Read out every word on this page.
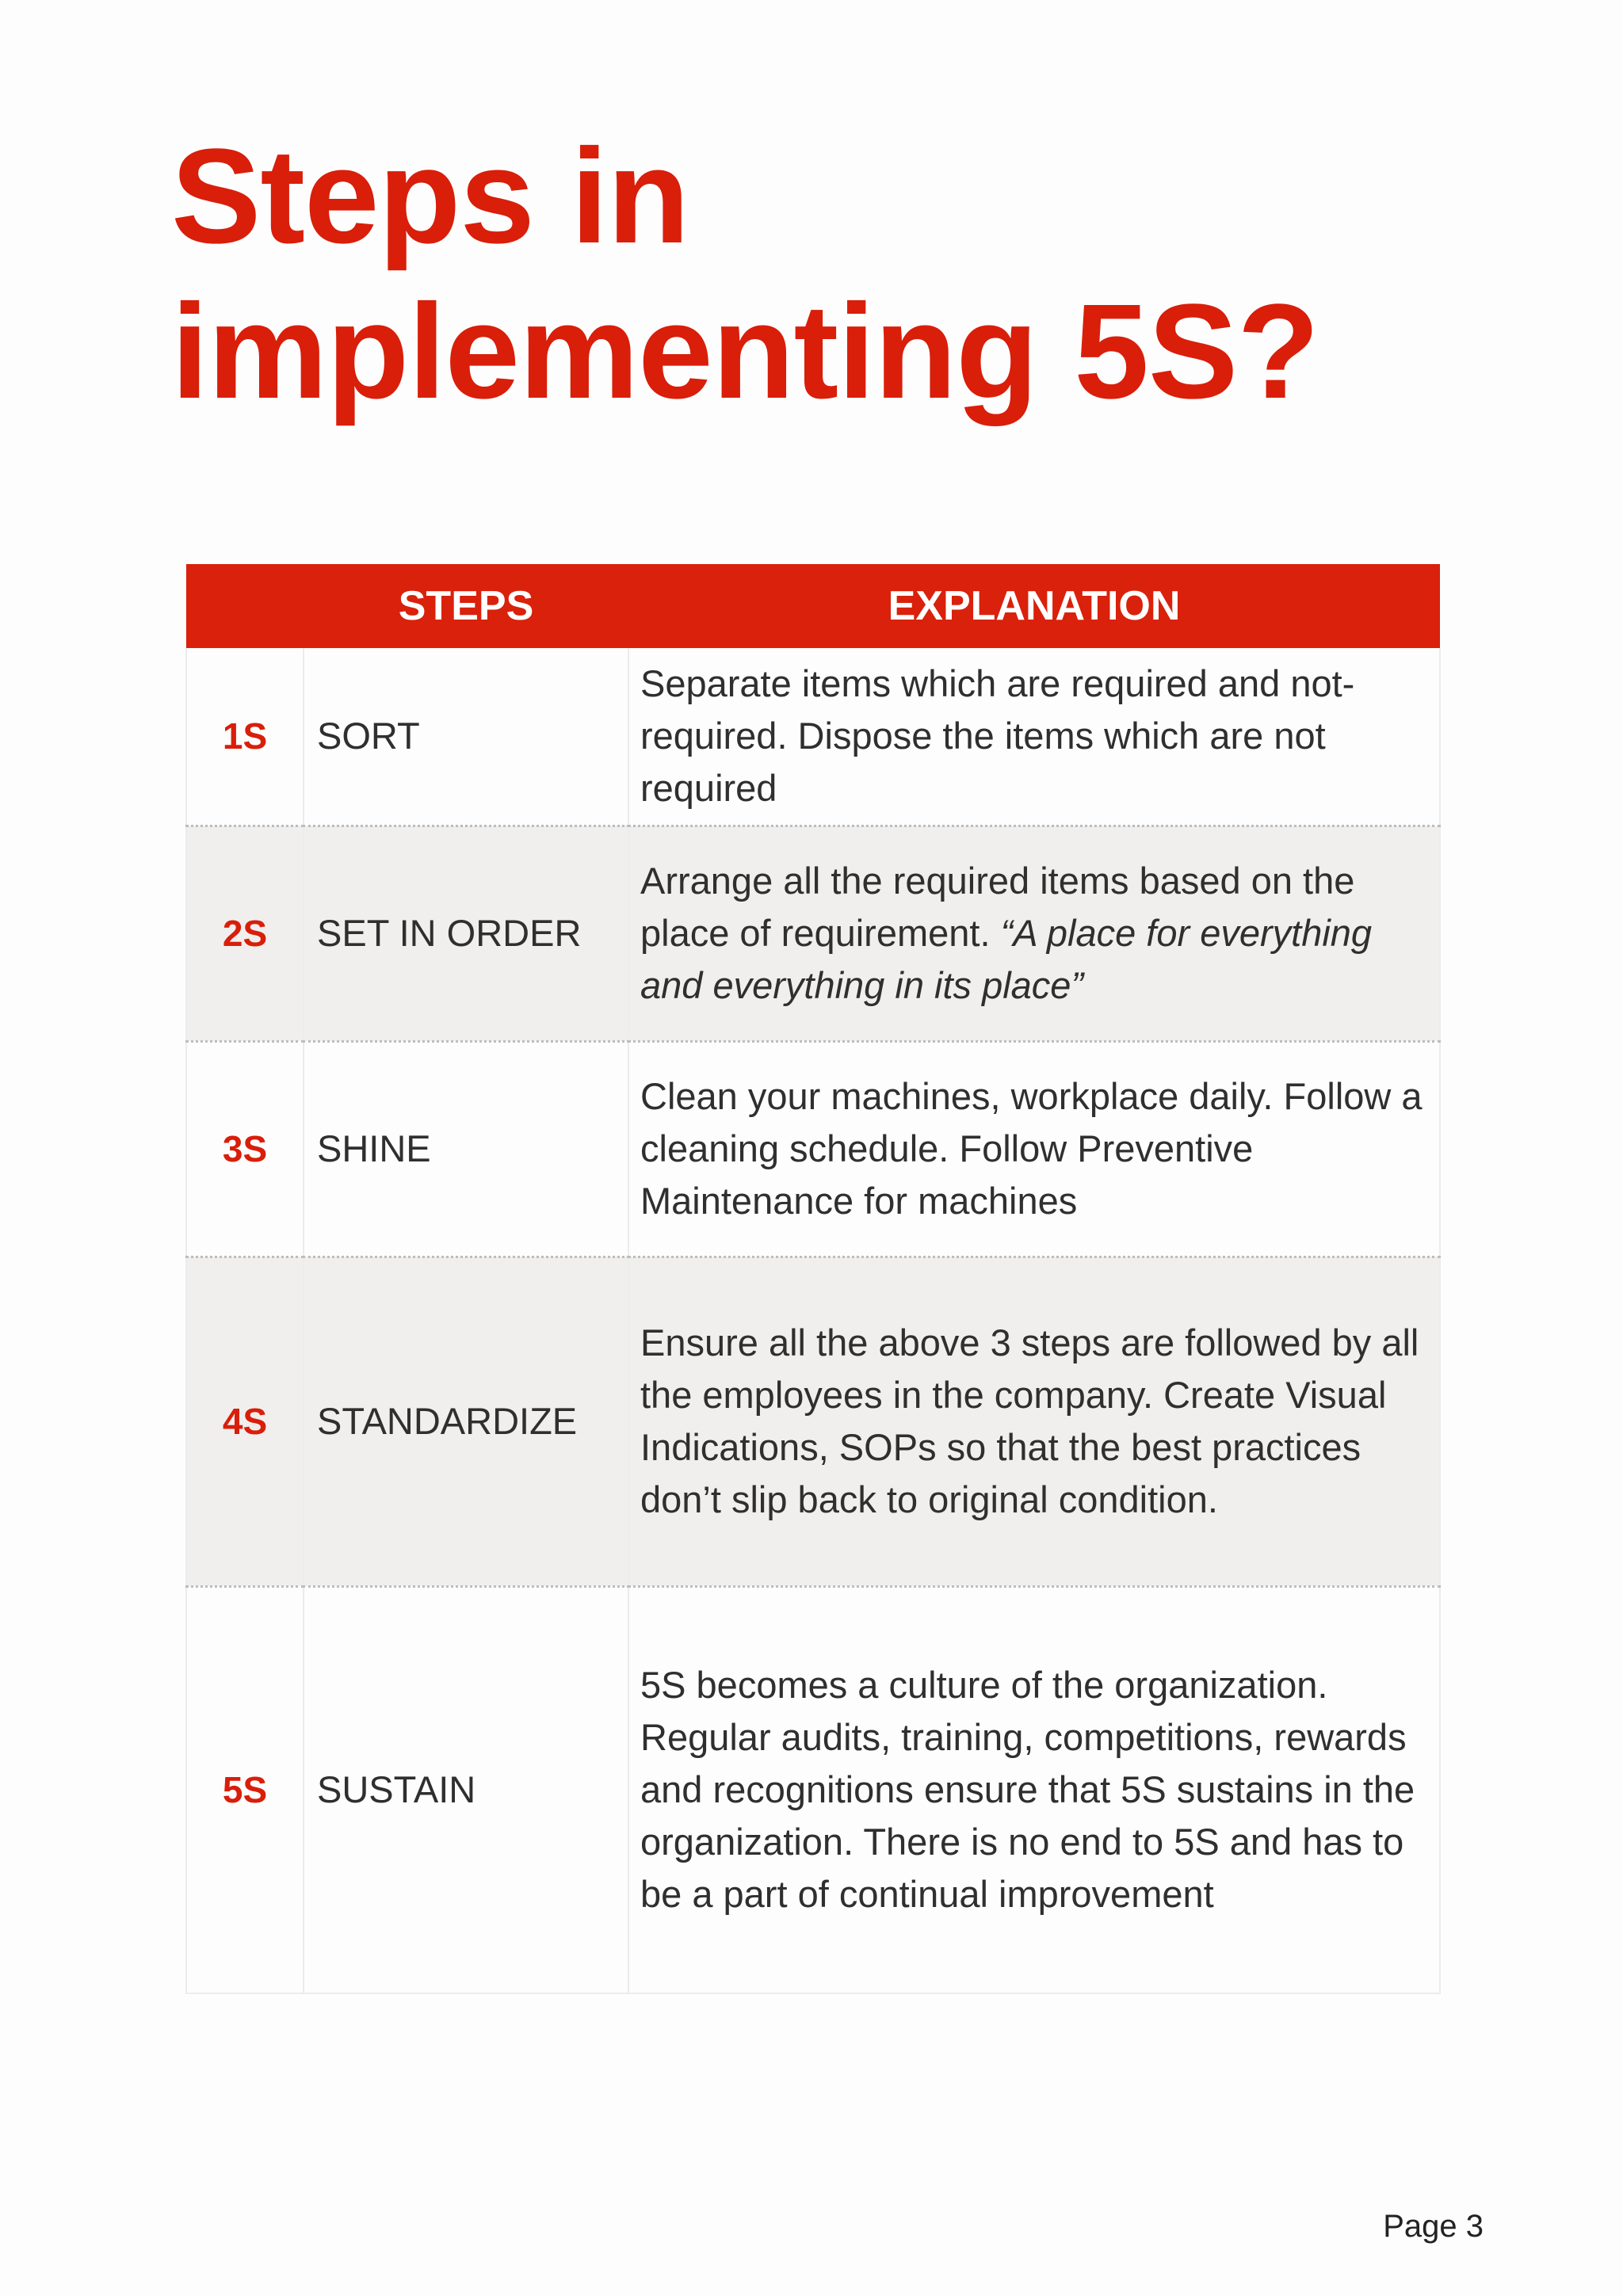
Steps in implementing 5S?
	STEPS	EXPLANATION
1S	SORT	Separate items which are required and not-required. Dispose the items which are not required
2S	SET IN ORDER	Arrange all the required items based on the place of requirement. “A place for everything and everything in its place”
3S	SHINE	Clean your machines, workplace daily. Follow a cleaning schedule. Follow Preventive Maintenance for machines
4S	STANDARDIZE	Ensure all the above 3 steps are followed by all the employees in the company. Create Visual Indications, SOPs so that the best practices don’t slip back to original condition.
5S	SUSTAIN	5S becomes a culture of the organization. Regular audits, training, competitions, rewards and recognitions ensure that 5S sustains in the organization. There is no end to 5S and has to be a part of continual improvement
Page 3
